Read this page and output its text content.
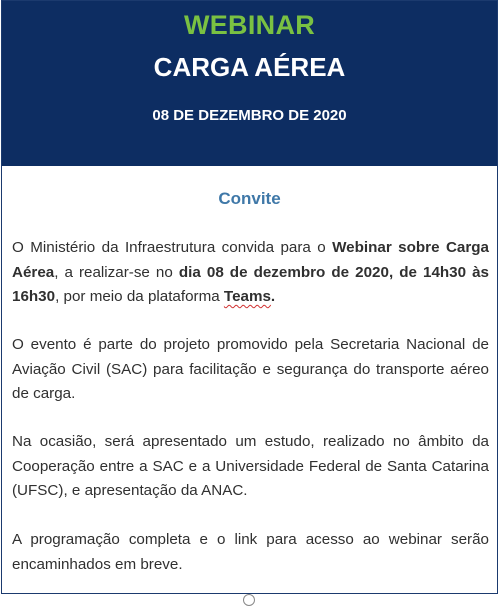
WEBINAR
CARGA AÉREA
08 DE DEZEMBRO DE 2020
Convite

O Ministério da Infraestrutura convida para o Webinar sobre Carga Aérea, a realizar-se no dia 08 de dezembro de 2020, de 14h30 às 16h30, por meio da plataforma Teams.

O evento é parte do projeto promovido pela Secretaria Nacional de Aviação Civil (SAC) para facilitação e segurança do transporte aéreo de carga.

Na ocasião, será apresentado um estudo, realizado no âmbito da Cooperação entre a SAC e a Universidade Federal de Santa Catarina (UFSC), e apresentação da ANAC.

A programação completa e o link para acesso ao webinar serão encaminhados em breve.
